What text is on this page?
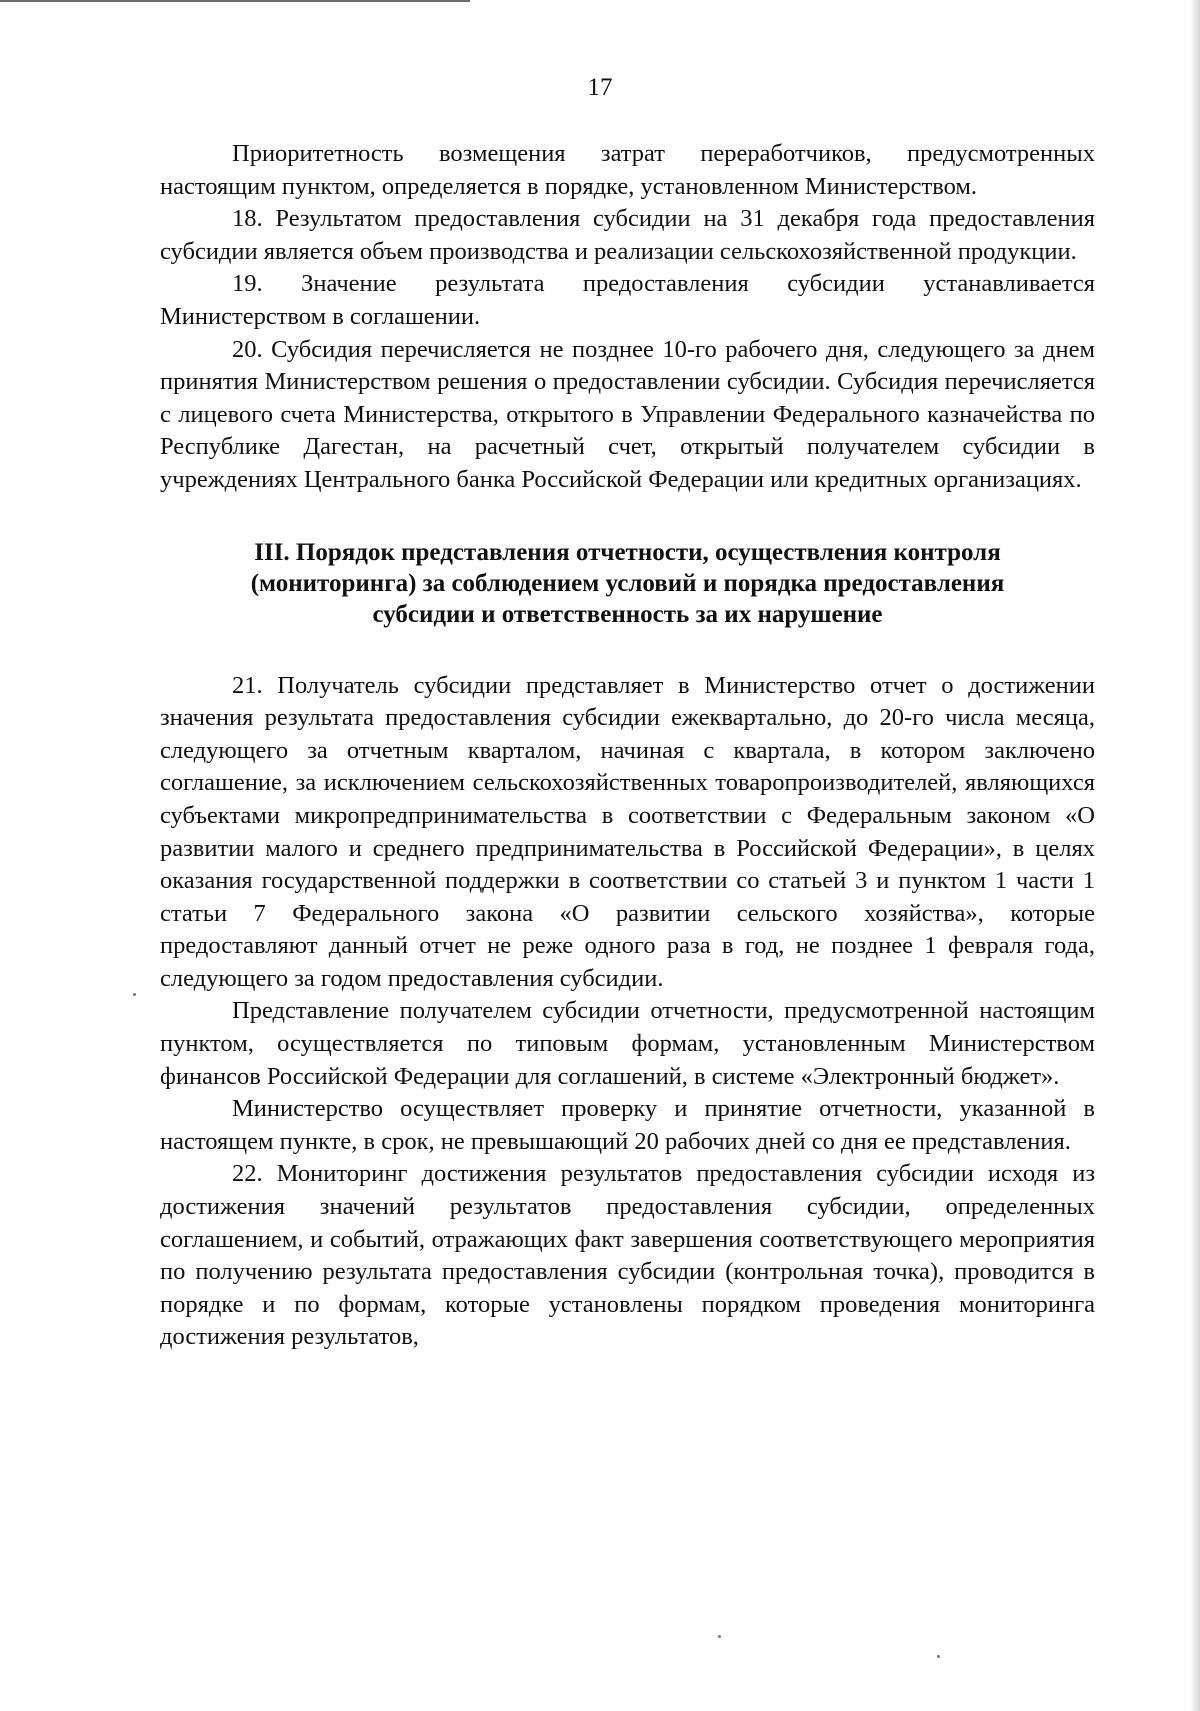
17

Приоритетность возмещения затрат переработчиков, предусмотренных настоящим пунктом, определяется в порядке, установленном Министерством.

18. Результатом предоставления субсидии на 31 декабря года предоставления субсидии является объем производства и реализации сельскохозяйственной продукции.

19. Значение результата предоставления субсидии устанавливается Министерством в соглашении.

20. Субсидия перечисляется не позднее 10-го рабочего дня, следующего за днем принятия Министерством решения о предоставлении субсидии. Субсидия перечисляется с лицевого счета Министерства, открытого в Управлении Федерального казначейства по Республике Дагестан, на расчетный счет, открытый получателем субсидии в учреждениях Центрального банка Российской Федерации или кредитных организациях.

III. Порядок представления отчетности, осуществления контроля (мониторинга) за соблюдением условий и порядка предоставления субсидии и ответственность за их нарушение

21. Получатель субсидии представляет в Министерство отчет о достижении значения результата предоставления субсидии ежеквартально, до 20-го числа месяца, следующего за отчетным кварталом, начиная с квартала, в котором заключено соглашение, за исключением сельскохозяйственных товаропроизводителей, являющихся субъектами микропредпринимательства в соответствии с Федеральным законом «О развитии малого и среднего предпринимательства в Российской Федерации», в целях оказания государственной поддержки в соответствии со статьей 3 и пунктом 1 части 1 статьи 7 Федерального закона «О развитии сельского хозяйства», которые предоставляют данный отчет не реже одного раза в год, не позднее 1 февраля года, следующего за годом предоставления субсидии.

Представление получателем субсидии отчетности, предусмотренной настоящим пунктом, осуществляется по типовым формам, установленным Министерством финансов Российской Федерации для соглашений, в системе «Электронный бюджет».

Министерство осуществляет проверку и принятие отчетности, указанной в настоящем пункте, в срок, не превышающий 20 рабочих дней со дня ее представления.

22. Мониторинг достижения результатов предоставления субсидии исходя из достижения значений результатов предоставления субсидии, определенных соглашением, и событий, отражающих факт завершения соответствующего мероприятия по получению результата предоставления субсидии (контрольная точка), проводится в порядке и по формам, которые установлены порядком проведения мониторинга достижения результатов,
